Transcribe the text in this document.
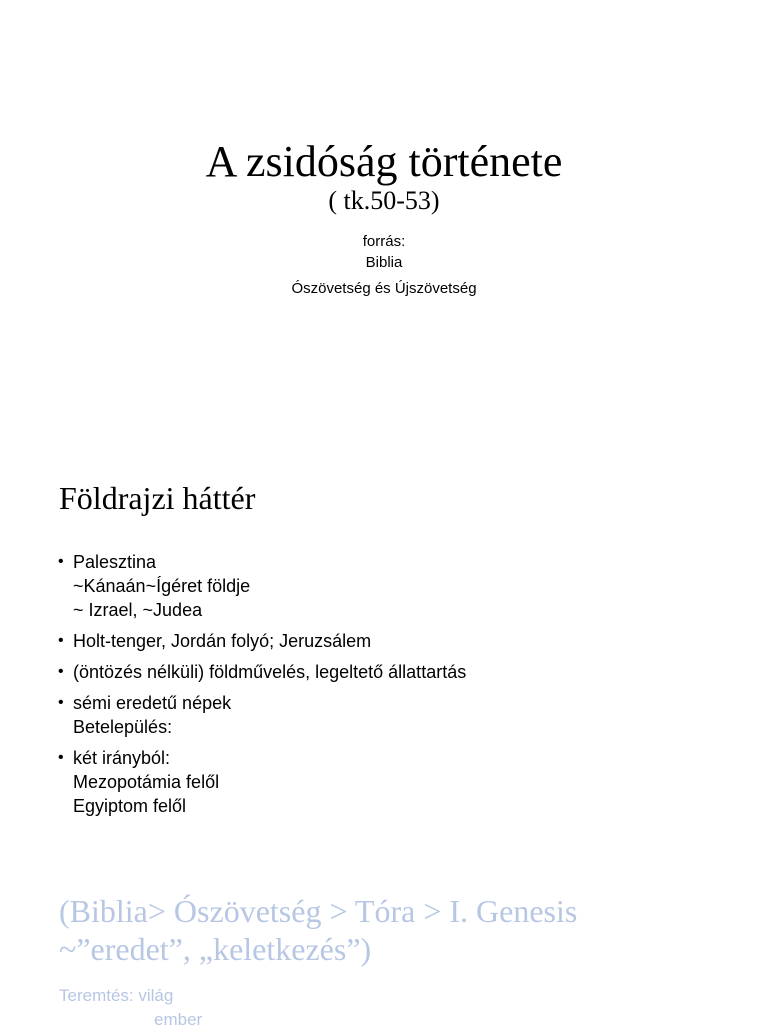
A zsidóság története
( tk.50-53)
forrás:
Biblia
Ószövetség és Újszövetség
Földrajzi háttér
• Palesztina
~Kánaán~Ígéret földje
~ Izrael, ~Judea
• Holt-tenger, Jordán folyó; Jeruzsálem
• (öntözés nélküli) földművelés, legeltető állattartás
• sémi eredetű népek
Betelepülés:
• két irányból:
Mezopotámia felől
Egyiptom felől
(Biblia> Ószövetség > Tóra > I. Genesis
~”eredet”, „keletkezés”)
Teremtés: világ
ember
